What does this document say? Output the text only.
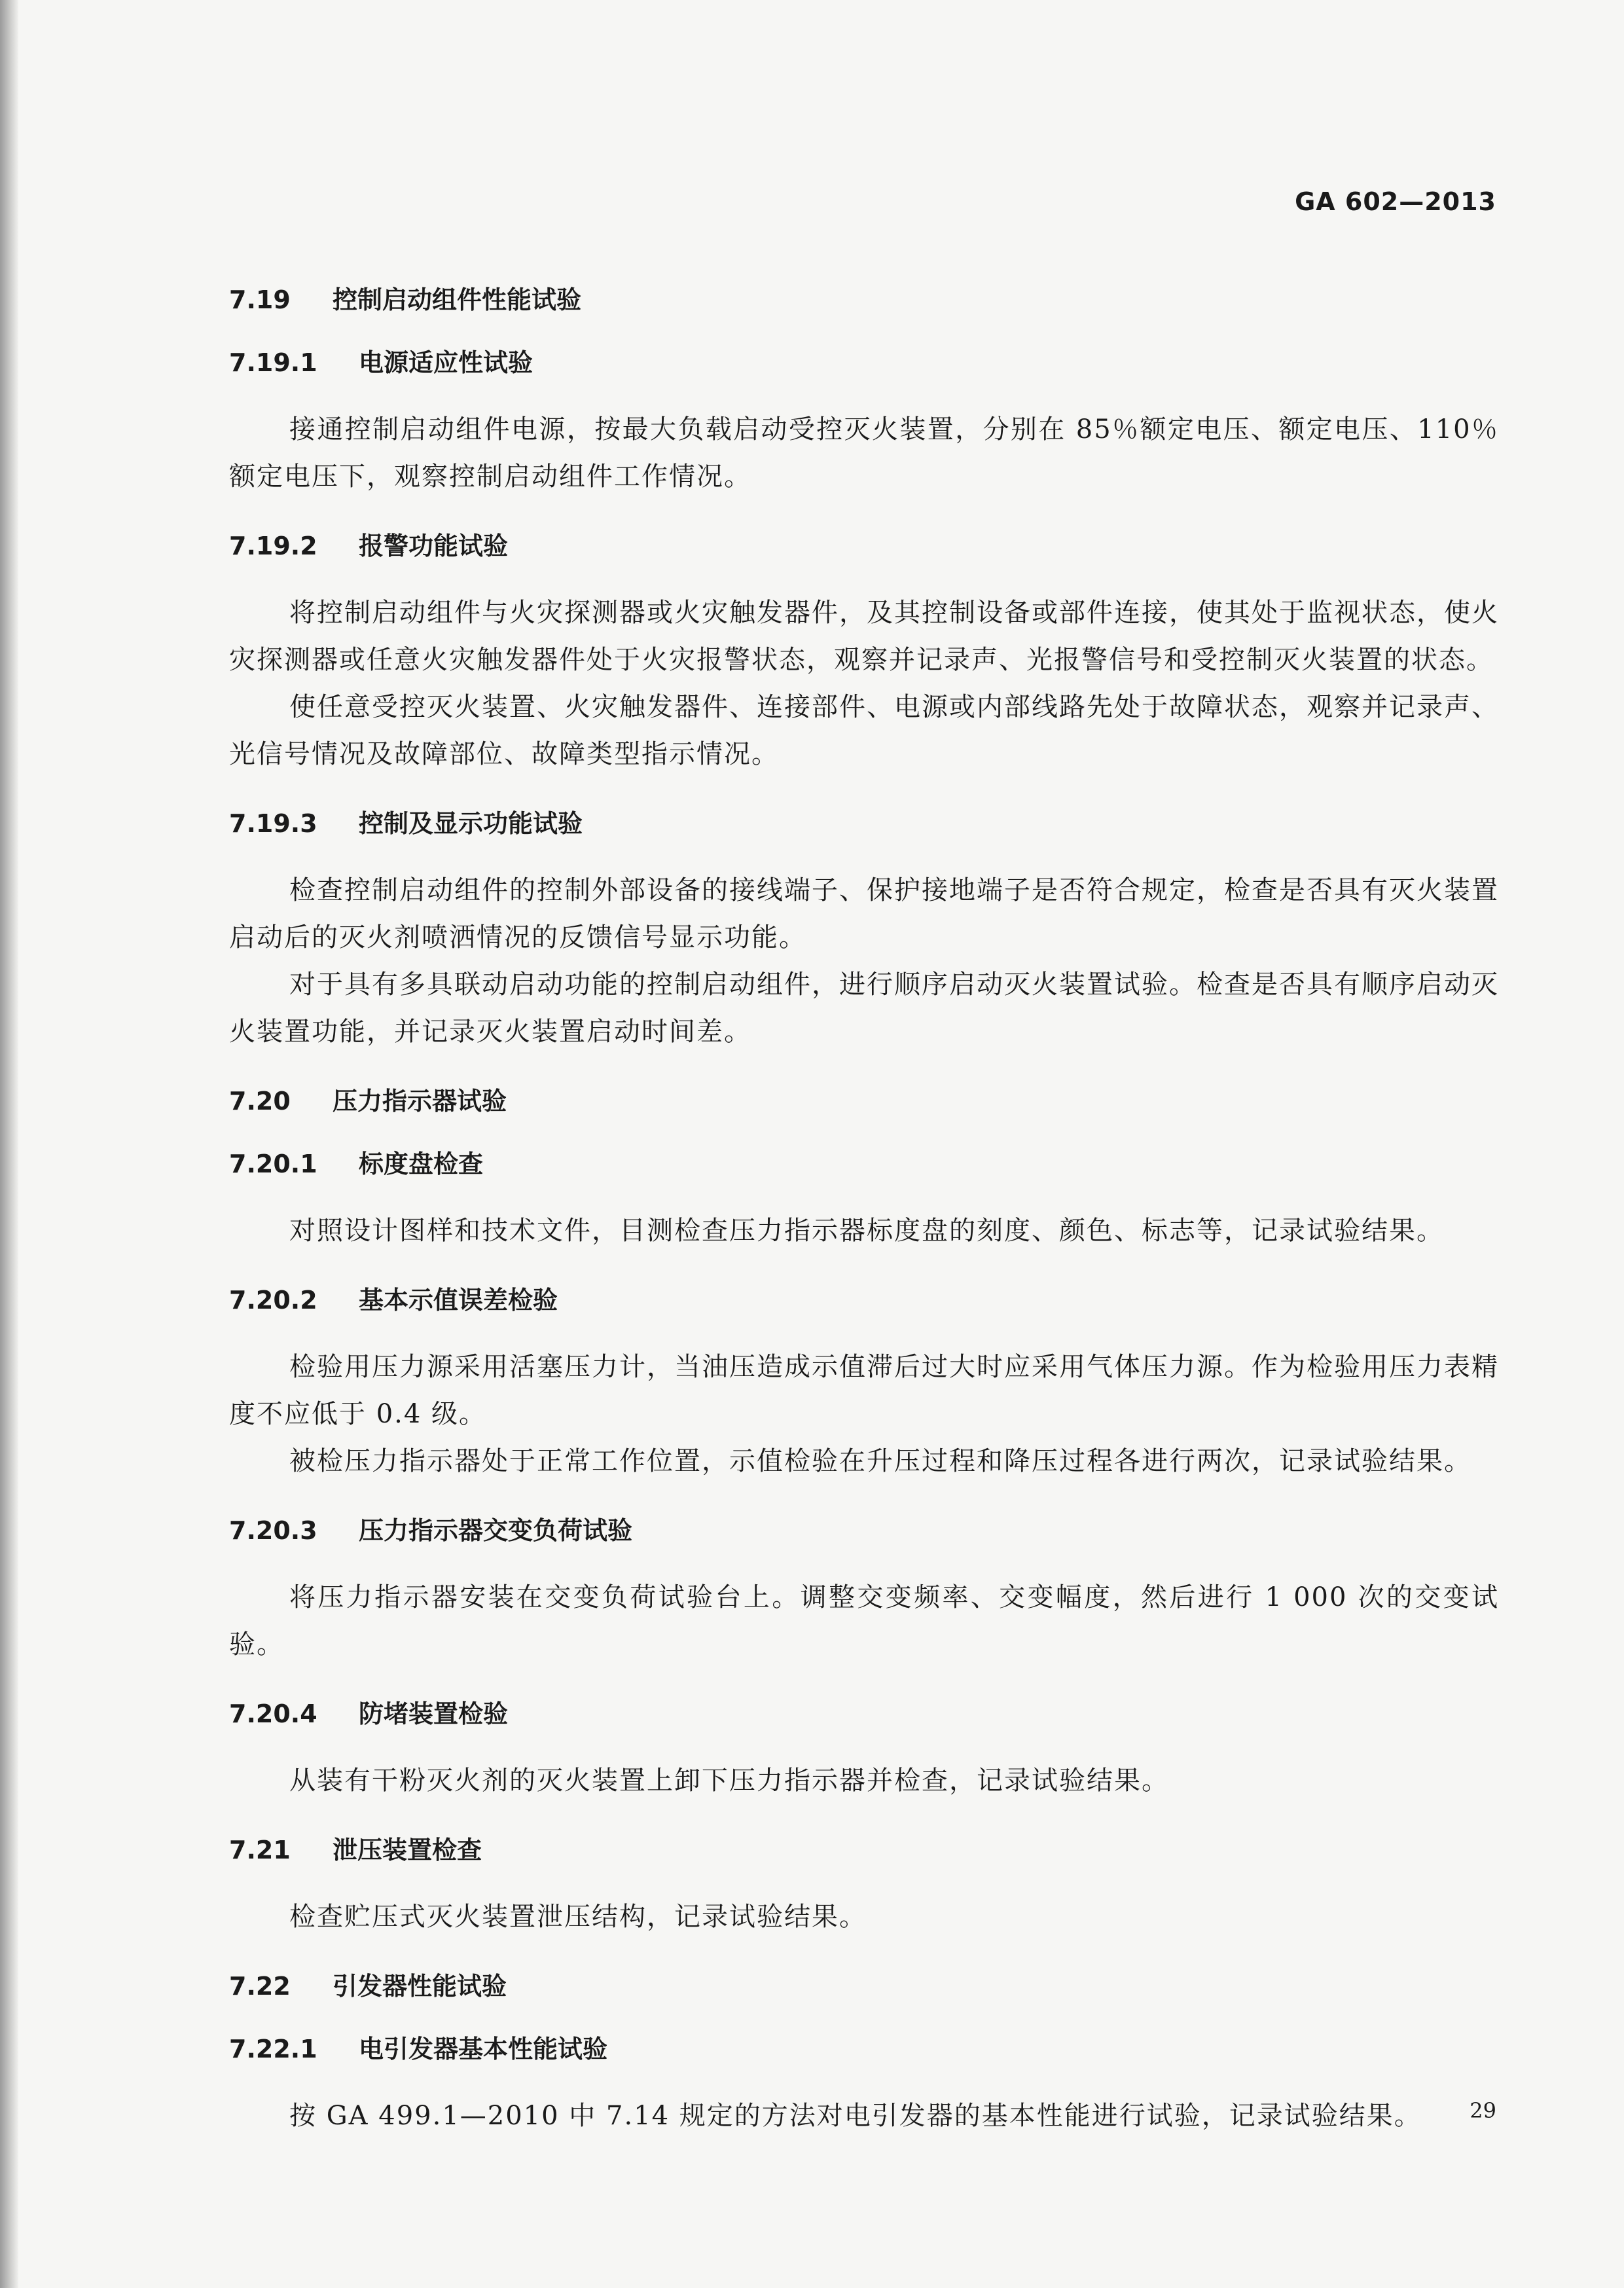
GA 602—2013
7.19 控制启动组件性能试验
7.19.1 电源适应性试验
接通控制启动组件电源，按最大负载启动受控灭火装置，分别在 85％额定电压、额定电压、110％额定电压下，观察控制启动组件工作情况。
7.19.2 报警功能试验
将控制启动组件与火灾探测器或火灾触发器件，及其控制设备或部件连接，使其处于监视状态，使火灾探测器或任意火灾触发器件处于火灾报警状态，观察并记录声、光报警信号和受控制灭火装置的状态。
使任意受控灭火装置、火灾触发器件、连接部件、电源或内部线路先处于故障状态，观察并记录声、光信号情况及故障部位、故障类型指示情况。
7.19.3 控制及显示功能试验
检查控制启动组件的控制外部设备的接线端子、保护接地端子是否符合规定，检查是否具有灭火装置启动后的灭火剂喷洒情况的反馈信号显示功能。
对于具有多具联动启动功能的控制启动组件，进行顺序启动灭火装置试验。检查是否具有顺序启动灭火装置功能，并记录灭火装置启动时间差。
7.20 压力指示器试验
7.20.1 标度盘检查
对照设计图样和技术文件，目测检查压力指示器标度盘的刻度、颜色、标志等，记录试验结果。
7.20.2 基本示值误差检验
检验用压力源采用活塞压力计，当油压造成示值滞后过大时应采用气体压力源。作为检验用压力表精度不应低于 0.4 级。
被检压力指示器处于正常工作位置，示值检验在升压过程和降压过程各进行两次，记录试验结果。
7.20.3 压力指示器交变负荷试验
将压力指示器安装在交变负荷试验台上。调整交变频率、交变幅度，然后进行 1 000 次的交变试验。
7.20.4 防堵装置检验
从装有干粉灭火剂的灭火装置上卸下压力指示器并检查，记录试验结果。
7.21 泄压装置检查
检查贮压式灭火装置泄压结构，记录试验结果。
7.22 引发器性能试验
7.22.1 电引发器基本性能试验
按 GA 499.1—2010 中 7.14 规定的方法对电引发器的基本性能进行试验，记录试验结果。	29
